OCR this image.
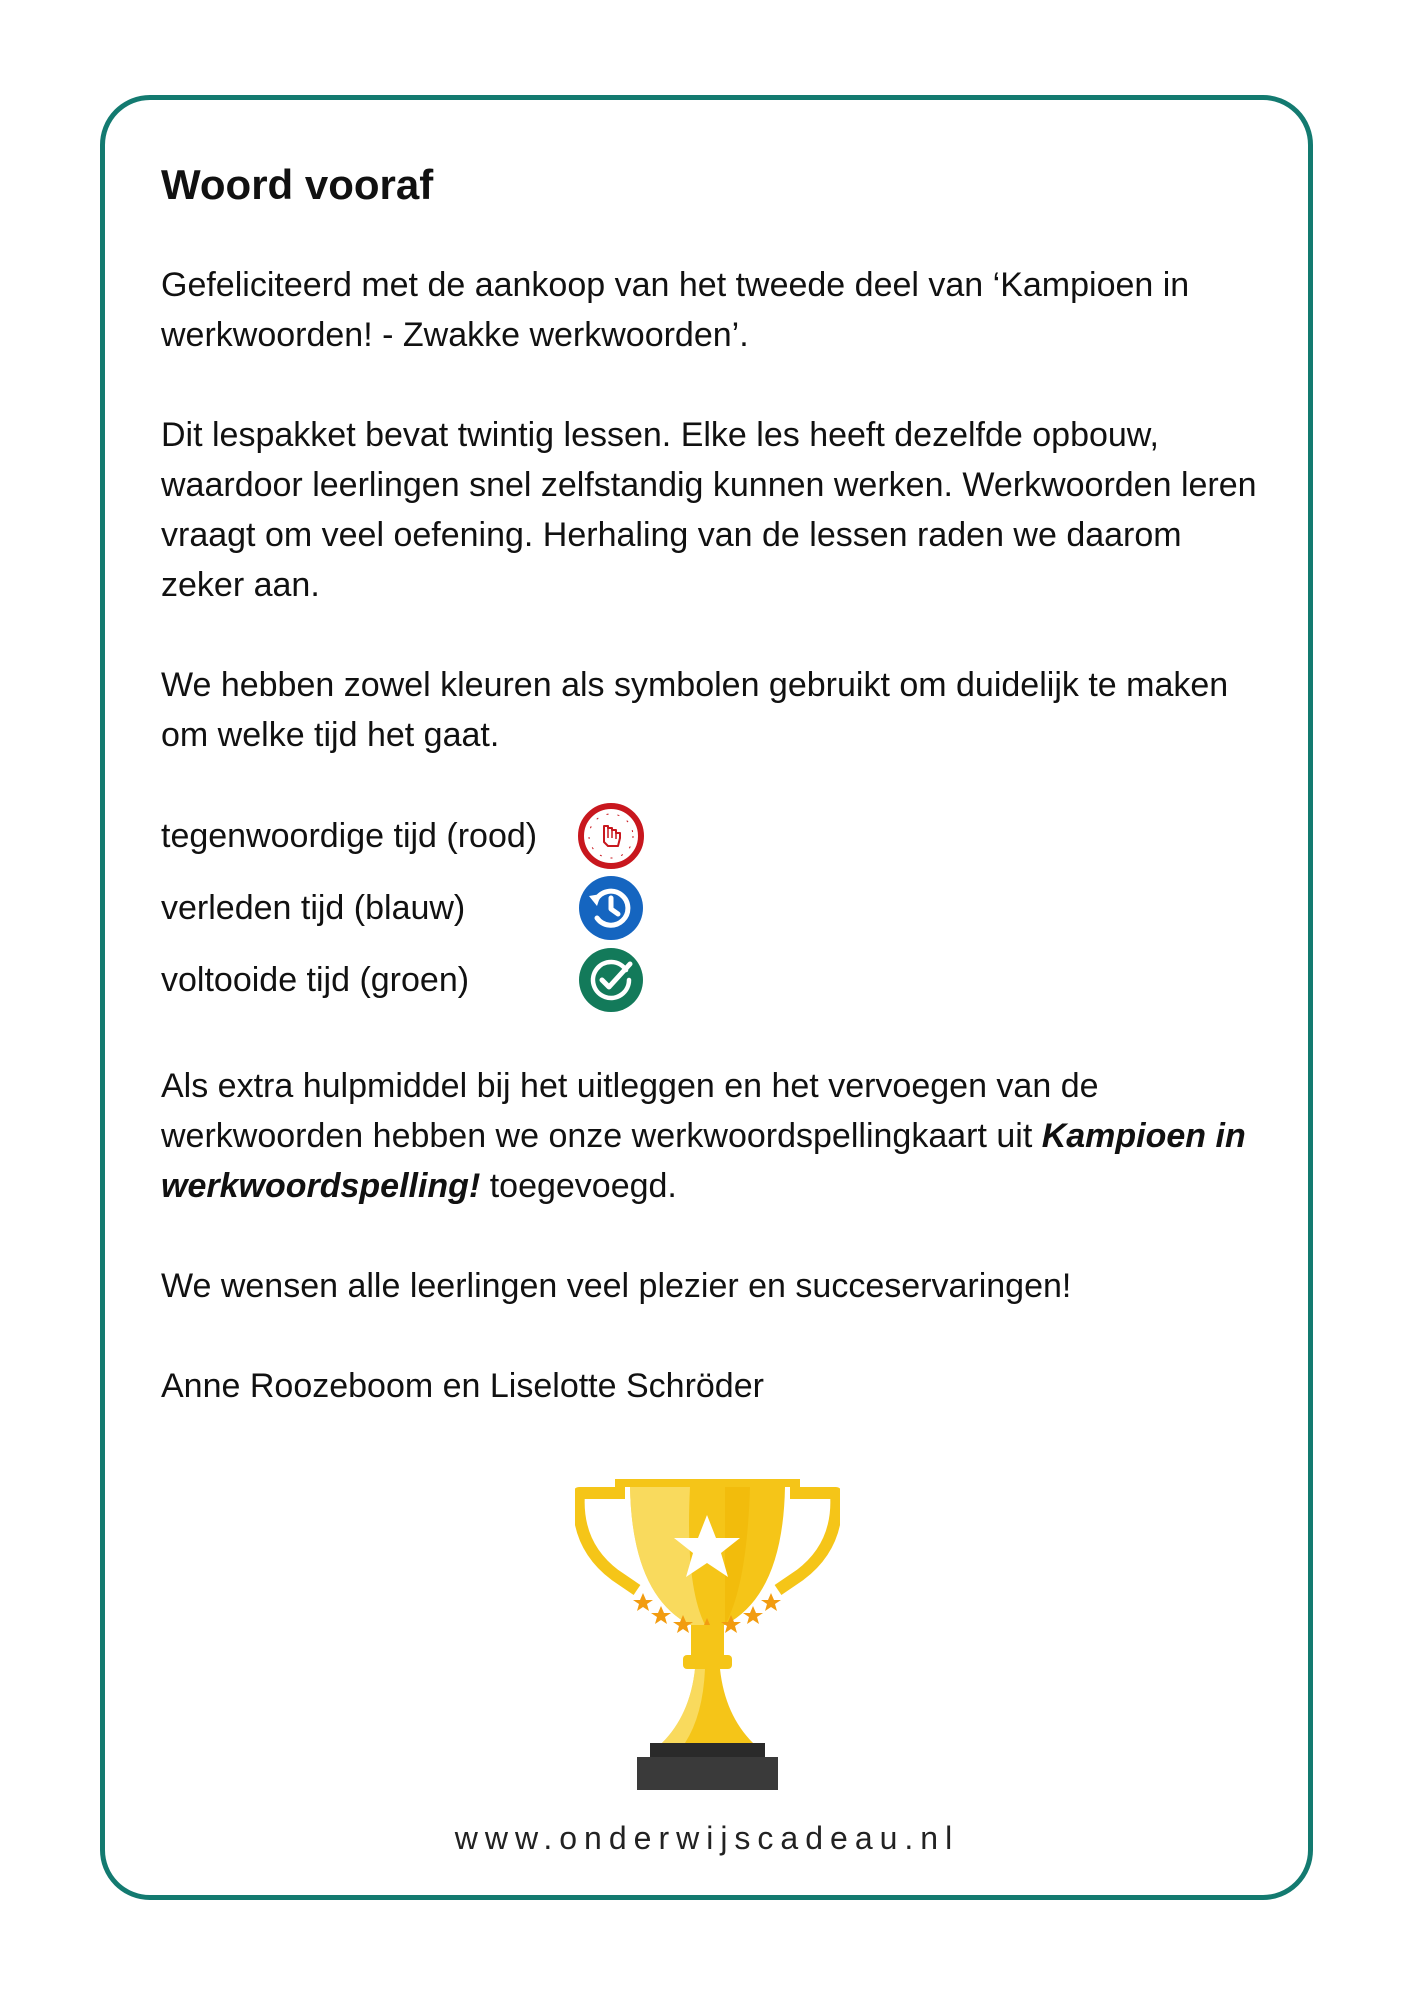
Woord vooraf

Gefeliciteerd met de aankoop van het tweede deel van ‘Kampioen in werkwoorden! - Zwakke werkwoorden’.

Dit lespakket bevat twintig lessen. Elke les heeft dezelfde opbouw, waardoor leerlingen snel zelfstandig kunnen werken. Werkwoorden leren vraagt om veel oefening. Herhaling van de lessen raden we daarom zeker aan.

We hebben zowel kleuren als symbolen gebruikt om duidelijk te maken om welke tijd het gaat.

tegenwoordige tijd (rood)
verleden tijd (blauw)
voltooide tijd (groen)

Als extra hulpmiddel bij het uitleggen en het vervoegen van de werkwoorden hebben we onze werkwoordspellingkaart uit Kampioen in werkwoordspelling! toegevoegd.

We wensen alle leerlingen veel plezier en succeservaringen!

Anne Roozeboom en Liselotte Schröder

www.onderwijscadeau.nl
